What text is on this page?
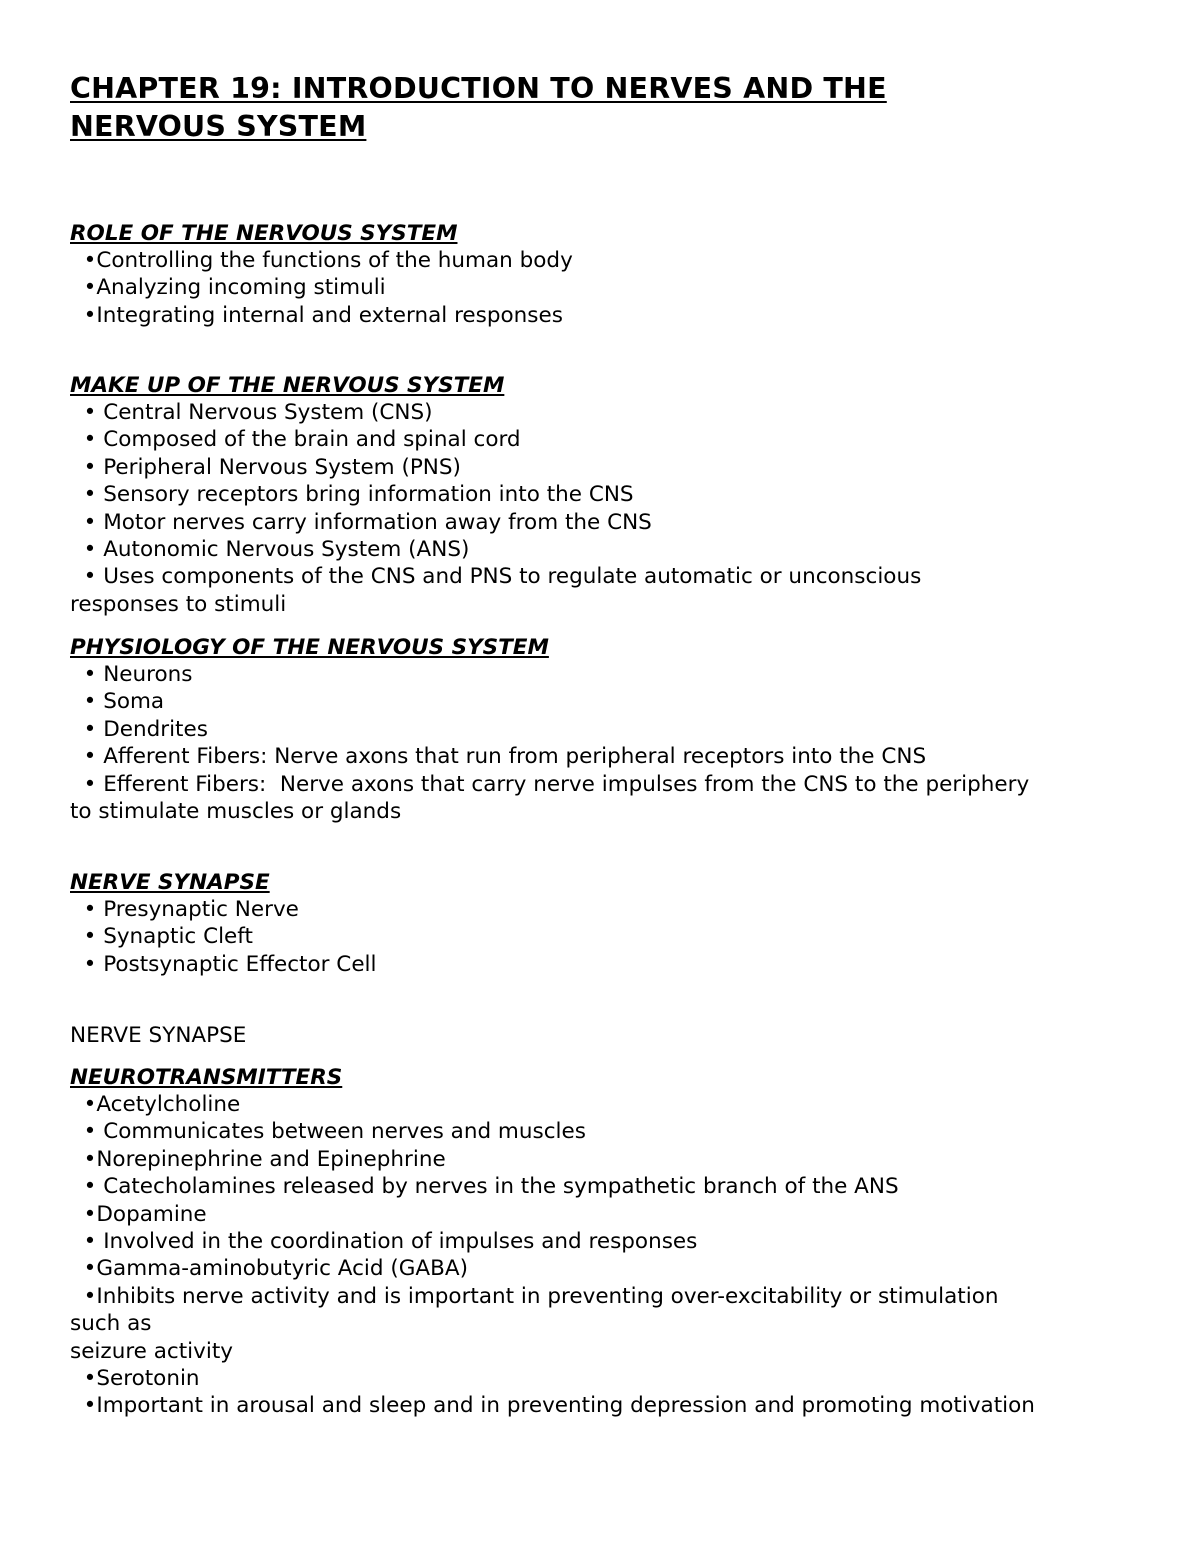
CHAPTER 19: INTRODUCTION TO NERVES AND THE
NERVOUS SYSTEM
ROLE OF THE NERVOUS SYSTEM
•Controlling the functions of the human body
•Analyzing incoming stimuli
•Integrating internal and external responses
MAKE UP OF THE NERVOUS SYSTEM
• Central Nervous System (CNS)
• Composed of the brain and spinal cord
• Peripheral Nervous System (PNS)
• Sensory receptors bring information into the CNS
• Motor nerves carry information away from the CNS
• Autonomic Nervous System (ANS)
• Uses components of the CNS and PNS to regulate automatic or unconscious

responses to stimuli

PHYSIOLOGY OF THE NERVOUS SYSTEM
• Neurons
• Soma
• Dendrites
• Afferent Fibers: Nerve axons that run from peripheral receptors into the CNS
• Efferent Fibers:  Nerve axons that carry nerve impulses from the CNS to the periphery

to stimulate muscles or glands

NERVE SYNAPSE
• Presynaptic Nerve
• Synaptic Cleft
• Postsynaptic Effector Cell

NERVE SYNAPSE

NEUROTRANSMITTERS
•Acetylcholine
• Communicates between nerves and muscles
•Norepinephrine and Epinephrine
• Catecholamines released by nerves in the sympathetic branch of the ANS
•Dopamine
• Involved in the coordination of impulses and responses
•Gamma-aminobutyric Acid (GABA)
•Inhibits nerve activity and is important in preventing over-excitability or stimulation

such as

seizure activity

•Serotonin
•Important in arousal and sleep and in preventing depression and promoting motivation
